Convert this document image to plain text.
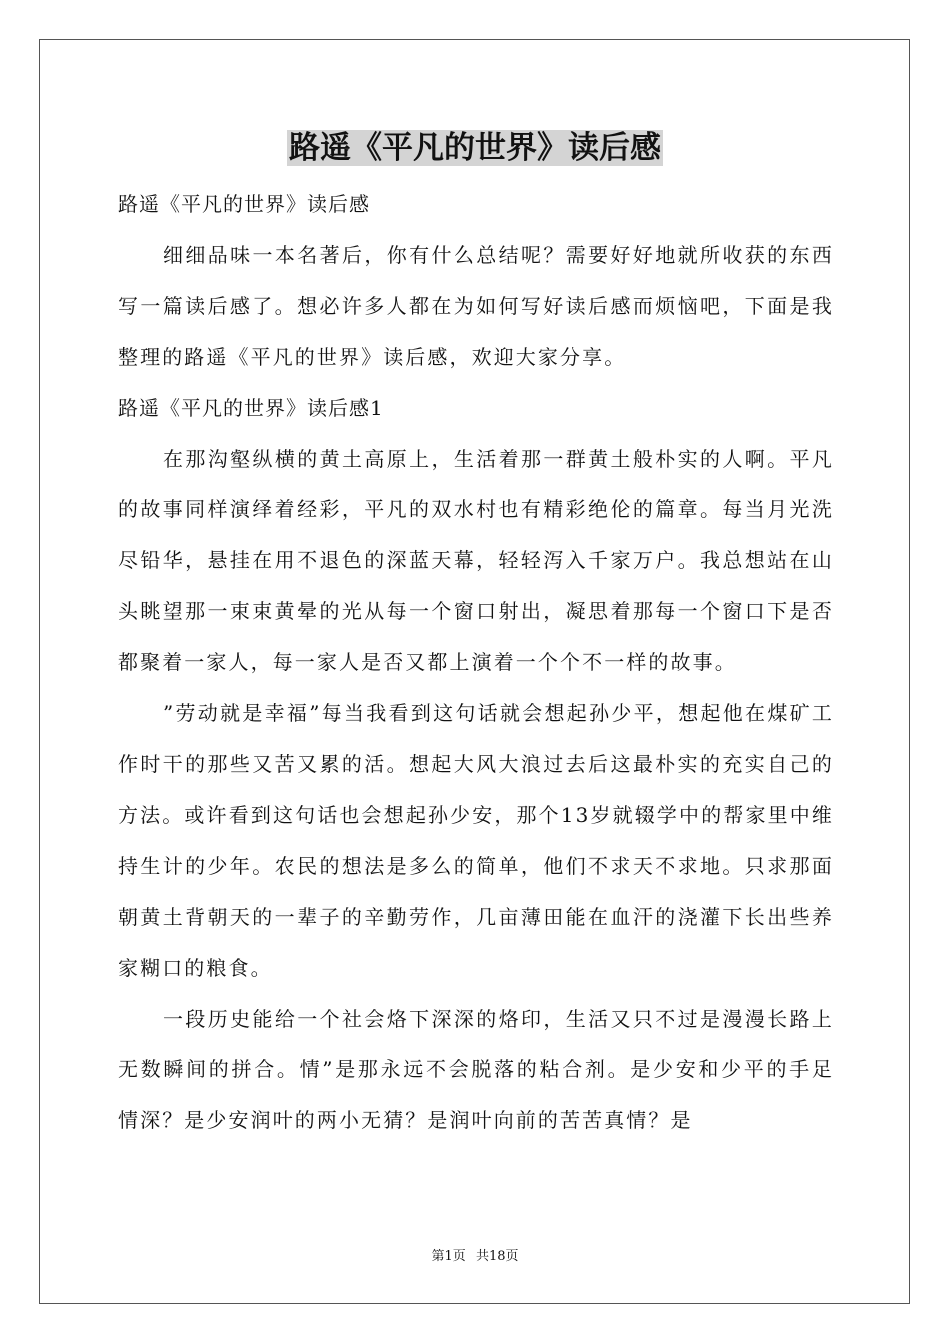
路遥《平凡的世界》读后感

路遥《平凡的世界》读后感

细细品味一本名著后，你有什么总结呢？需要好好地就所收获的东西写一篇读后感了。想必许多人都在为如何写好读后感而烦恼吧，下面是我整理的路遥《平凡的世界》读后感，欢迎大家分享。

路遥《平凡的世界》读后感1

在那沟壑纵横的黄土高原上，生活着那一群黄土般朴实的人啊。平凡的故事同样演绎着经彩，平凡的双水村也有精彩绝伦的篇章。每当月光洗尽铅华，悬挂在用不退色的深蓝天幕，轻轻泻入千家万户。我总想站在山头眺望那一束束黄晕的光从每一个窗口射出，凝思着那每一个窗口下是否都聚着一家人，每一家人是否又都上演着一个个不一样的故事。

”劳动就是幸福”每当我看到这句话就会想起孙少平，想起他在煤矿工作时干的那些又苦又累的活。想起大风大浪过去后这最朴实的充实自己的方法。或许看到这句话也会想起孙少安，那个13岁就辍学中的帮家里中维持生计的少年。农民的想法是多么的简单，他们不求天不求地。只求那面朝黄土背朝天的一辈子的辛勤劳作，几亩薄田能在血汗的浇灌下长出些养家糊口的粮食。

一段历史能给一个社会烙下深深的烙印，生活又只不过是漫漫长路上无数瞬间的拼合。情”是那永远不会脱落的粘合剂。是少安和少平的手足情深？是少安润叶的两小无猜？是润叶向前的苦苦真情？是

第1页 共18页
